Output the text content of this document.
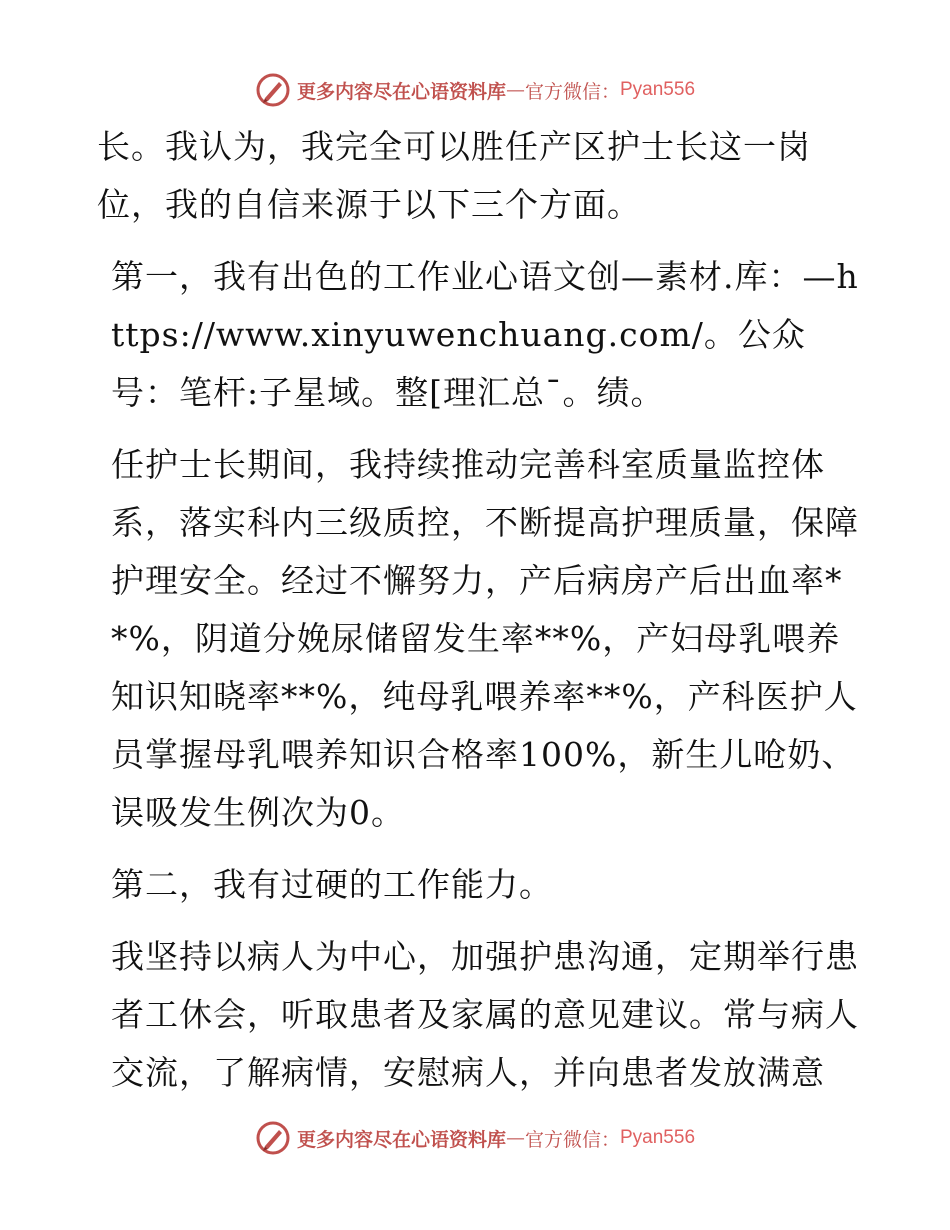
更多内容尽在心语资料库 — 官方微信： Pyan556

长。我认为，我完全可以胜任产区护士长这一岗位，我的自信来源于以下三个方面。

第一，我有出色的工作业心语文创—素材.库：—https://www.xinyuwenchuang.com/。公众号：笔杆:子星域。整[理汇总¯。绩。

任护士长期间，我持续推动完善科室质量监控体系，落实科内三级质控，不断提高护理质量，保障护理安全。经过不懈努力，产后病房产后出血率**%，阴道分娩尿储留发生率**%，产妇母乳喂养知识知晓率**%，纯母乳喂养率**%，产科医护人员掌握母乳喂养知识合格率100%，新生儿呛奶、误吸发生例次为0。

第二，我有过硬的工作能力。

我坚持以病人为中心，加强护患沟通，定期举行患者工休会，听取患者及家属的意见建议。常与病人交流，了解病情，安慰病人，并向患者发放满意

更多内容尽在心语资料库 — 官方微信： Pyan556
